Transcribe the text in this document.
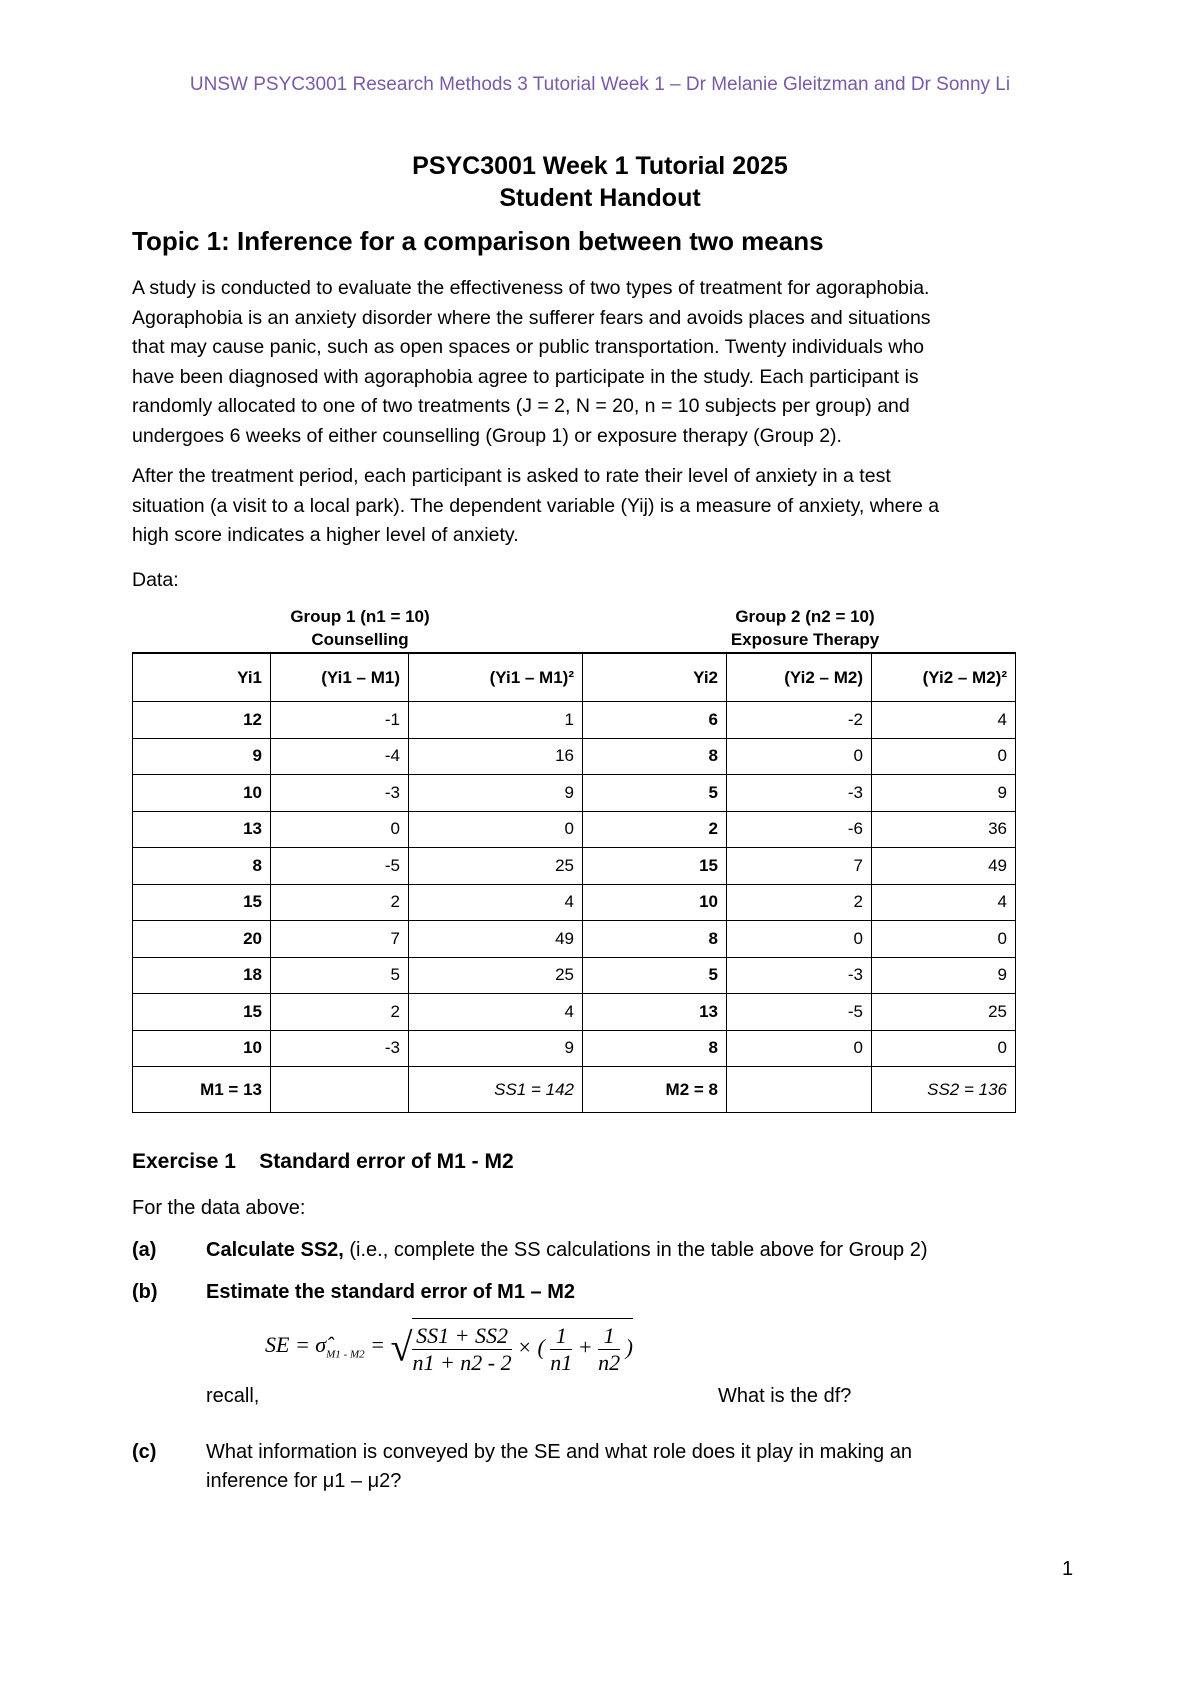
UNSW PSYC3001 Research Methods 3 Tutorial Week 1 – Dr Melanie Gleitzman and Dr Sonny Li
PSYC3001 Week 1 Tutorial 2025
Student Handout
Topic 1: Inference for a comparison between two means
A study is conducted to evaluate the effectiveness of two types of treatment for agoraphobia.
Agoraphobia is an anxiety disorder where the sufferer fears and avoids places and situations
that may cause panic, such as open spaces or public transportation. Twenty individuals who
have been diagnosed with agoraphobia agree to participate in the study. Each participant is
randomly allocated to one of two treatments (J = 2, N = 20, n = 10 subjects per group) and
undergoes 6 weeks of either counselling (Group 1) or exposure therapy (Group 2).
After the treatment period, each participant is asked to rate their level of anxiety in a test
situation (a visit to a local park). The dependent variable (Yij) is a measure of anxiety, where a
high score indicates a higher level of anxiety.
Data:
Group 1 (n1 = 10)
Counselling
Group 2 (n2 = 10)
Exposure Therapy
Yi1	(Yi1 – M1)	(Yi1 – M1)²	Yi2	(Yi2 – M2)	(Yi2 – M2)²
12	-1	1	6	-2	4
9	-4	16	8	0	0
10	-3	9	5	-3	9
13	0	0	2	-6	36
8	-5	25	15	7	49
15	2	4	10	2	4
20	7	49	8	0	0
18	5	25	5	-3	9
15	2	4	13	-5	25
10	-3	9	8	0	0
M1 = 13		SS1 = 142	M2 = 8		SS2 = 136
Exercise 1    Standard error of M1 - M2
For the data above:
(a) Calculate SS2, (i.e., complete the SS calculations in the table above for Group 2)
(b) Estimate the standard error of M1 – M2
SE = $\sigmâ_{M1 - M2}$ = √ $\frac{SS1 + SS2}{n1 + n2 - 2}$ × ( $\frac{1}{n1} + \frac{1}{n2}$ )
recall,	What is the df?
(c) What information is conveyed by the SE and what role does it play in making an
inference for μ1 – μ2?
1
